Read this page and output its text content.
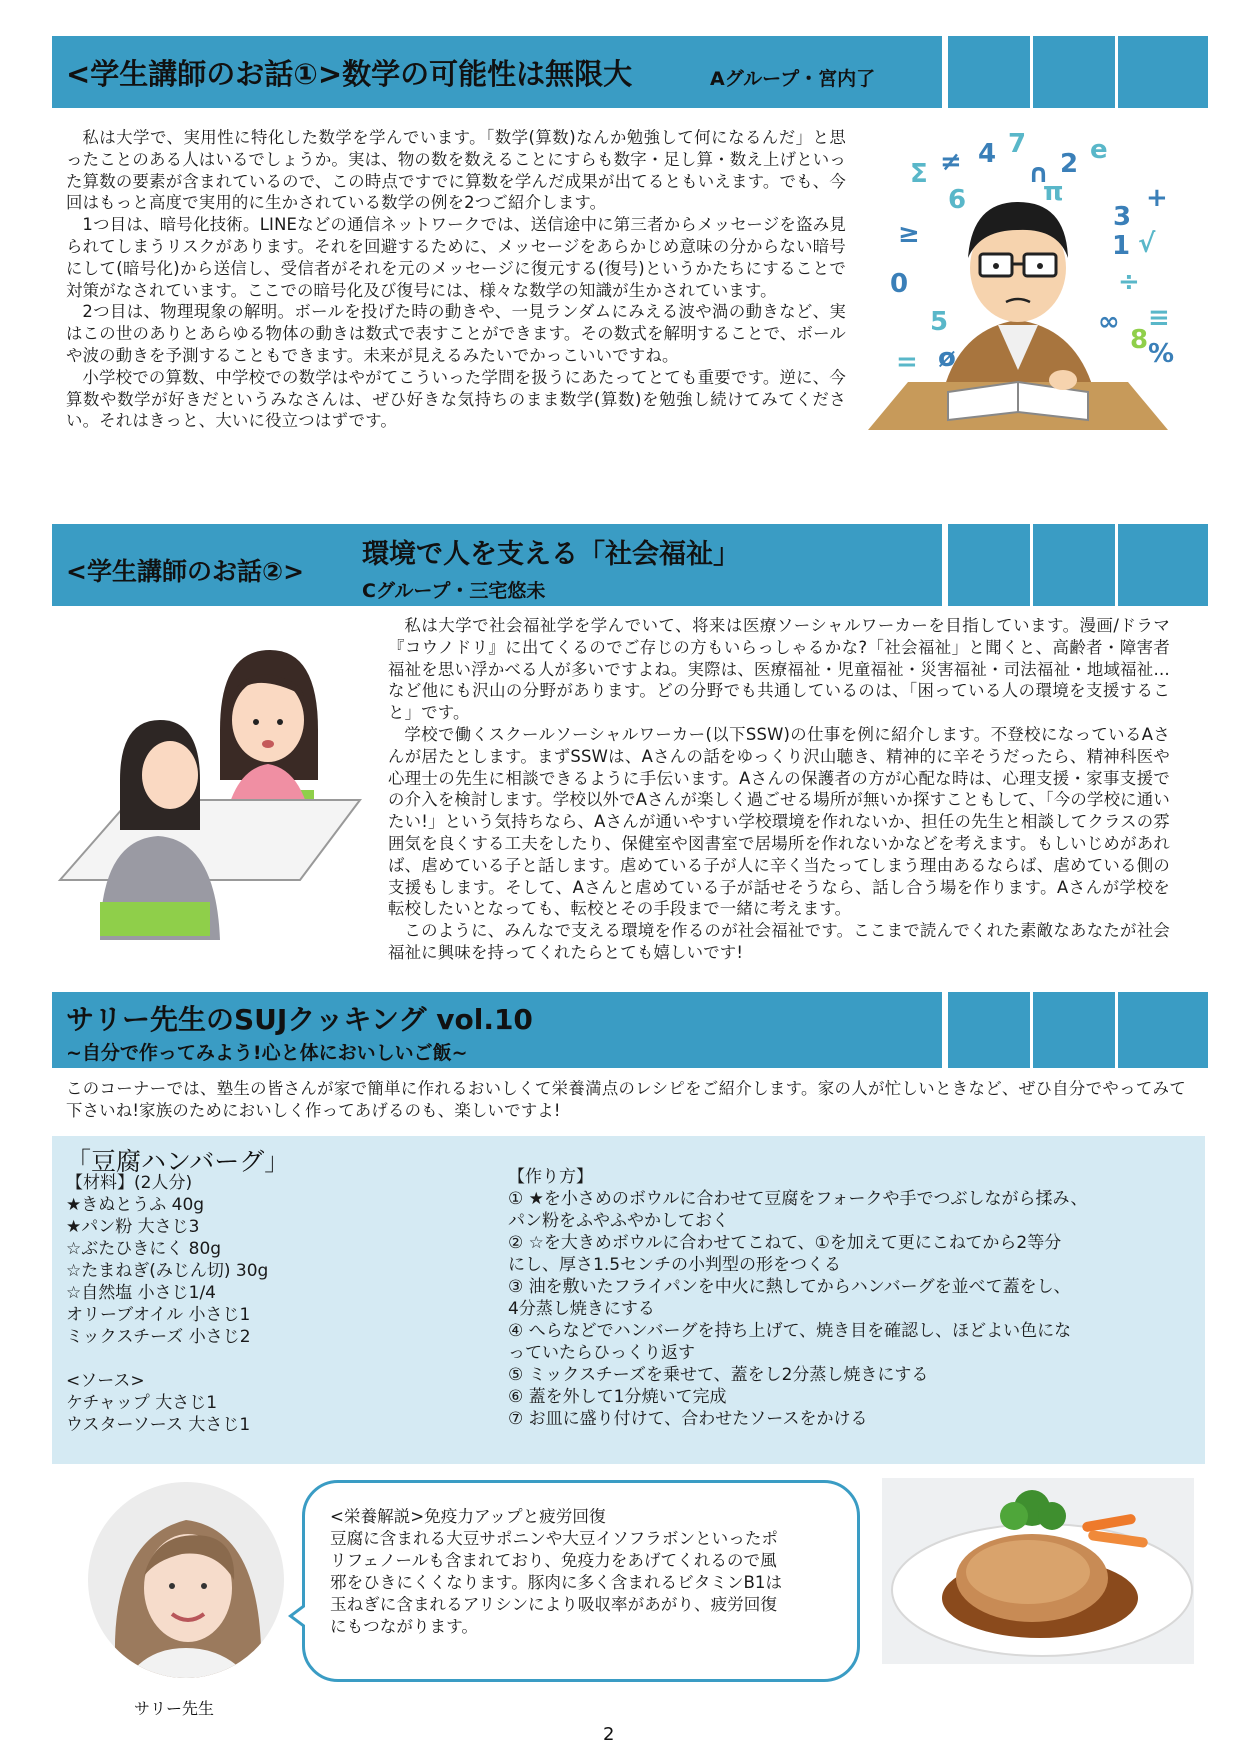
<学生講師のお話①>数学の可能性は無限大	Aグループ・宮内了

私は大学で、実用性に特化した数学を学んでいます。「数学(算数)なんか勉強して何になるんだ」と思ったことのある人はいるでしょうか。実は、物の数を数えることにすらも数字・足し算・数え上げといった算数の要素が含まれているので、この時点ですでに算数を学んだ成果が出てるともいえます。でも、今回はもっと高度で実用的に生かされている数学の例を2つご紹介します。

1つ目は、暗号化技術。LINEなどの通信ネットワークでは、送信途中に第三者からメッセージを盗み見られてしまうリスクがあります。それを回避するために、メッセージをあらかじめ意味の分からない暗号にして(暗号化)から送信し、受信者がそれを元のメッセージに復元する(復号)というかたちにすることで対策がなされています。ここでの暗号化及び復号には、様々な数学の知識が生かされています。

2つ目は、物理現象の解明。ボールを投げた時の動きや、一見ランダムにみえる波や渦の動きなど、実はこの世のありとあらゆる物体の動きは数式で表すことができます。その数式を解明することで、ボールや波の動きを予測することもできます。未来が見えるみたいでかっこいいですね。

小学校での算数、中学校での数学はやがてこういった学問を扱うにあたってとても重要です。逆に、今算数や数学が好きだというみなさんは、ぜひ好きな気持ちのまま数学(算数)を勉強し続けてみてください。それはきっと、大いに役立つはずです。

4 7
2 e
Σ ≠
≥
π
3
+
6
∩
÷
∞
5
8
0
=
1 √
ø
≡
%
<学生講師のお話②>
環境で人を支える「社会福祉」
Cグループ・三宅悠未

私は大学で社会福祉学を学んでいて、将来は医療ソーシャルワーカーを目指しています。漫画/ドラマ『コウノドリ』に出てくるのでご存じの方もいらっしゃるかな?「社会福祉」と聞くと、高齢者・障害者福祉を思い浮かべる人が多いですよね。実際は、医療福祉・児童福祉・災害福祉・司法福祉・地域福祉…など他にも沢山の分野があります。どの分野でも共通しているのは、「困っている人の環境を支援すること」です。

学校で働くスクールソーシャルワーカー(以下SSW)の仕事を例に紹介します。不登校になっているAさんが居たとします。まずSSWは、Aさんの話をゆっくり沢山聴き、精神的に辛そうだったら、精神科医や心理士の先生に相談できるように手伝います。Aさんの保護者の方が心配な時は、心理支援・家事支援での介入を検討します。学校以外でAさんが楽しく過ごせる場所が無いか探すこともして、「今の学校に通いたい!」という気持ちなら、Aさんが通いやすい学校環境を作れないか、担任の先生と相談してクラスの雰囲気を良くする工夫をしたり、保健室や図書室で居場所を作れないかなどを考えます。もしいじめがあれば、虐めている子と話します。虐めている子が人に辛く当たってしまう理由あるならば、虐めている側の支援もします。そして、Aさんと虐めている子が話せそうなら、話し合う場を作ります。Aさんが学校を転校したいとなっても、転校とその手段まで一緒に考えます。

このように、みんなで支える環境を作るのが社会福祉です。ここまで読んでくれた素敵なあなたが社会福祉に興味を持ってくれたらとても嬉しいです!

サリー先生のSUJクッキング vol.10
~自分で作ってみよう!心と体においしいご飯~
このコーナーでは、塾生の皆さんが家で簡単に作れるおいしくて栄養満点のレシピをご紹介します。家の人が忙しいときなど、ぜひ自分でやってみて下さいね!家族のためにおいしく作ってあげるのも、楽しいですよ!
「豆腐ハンバーグ」
【材料】(2人分)
★きぬとうふ 40g
★パン粉 大さじ3
☆ぶたひきにく 80g
☆たまねぎ(みじん切) 30g
☆自然塩 小さじ1/4
オリーブオイル 小さじ1
ミックスチーズ 小さじ2
<ソース>
ケチャップ 大さじ1
ウスターソース 大さじ1
【作り方】
① ★を小さめのボウルに合わせて豆腐をフォークや手でつぶしながら揉み、
パン粉をふやふやかしておく
② ☆を大きめボウルに合わせてこねて、①を加えて更にこねてから2等分
にし、厚さ1.5センチの小判型の形をつくる
③ 油を敷いたフライパンを中火に熱してからハンバーグを並べて蓋をし、
4分蒸し焼きにする
④ へらなどでハンバーグを持ち上げて、焼き目を確認し、ほどよい色にな
っていたらひっくり返す
⑤ ミックスチーズを乗せて、蓋をし2分蒸し焼きにする
⑥ 蓋を外して1分焼いて完成
⑦ お皿に盛り付けて、合わせたソースをかける
サリー先生
<栄養解説>免疫力アップと疲労回復
豆腐に含まれる大豆サポニンや大豆イソフラボンといったポ
リフェノールも含まれており、免疫力をあげてくれるので風
邪をひきにくくなります。豚肉に多く含まれるビタミンB1は
玉ねぎに含まれるアリシンにより吸収率があがり、疲労回復
にもつながります。
2
